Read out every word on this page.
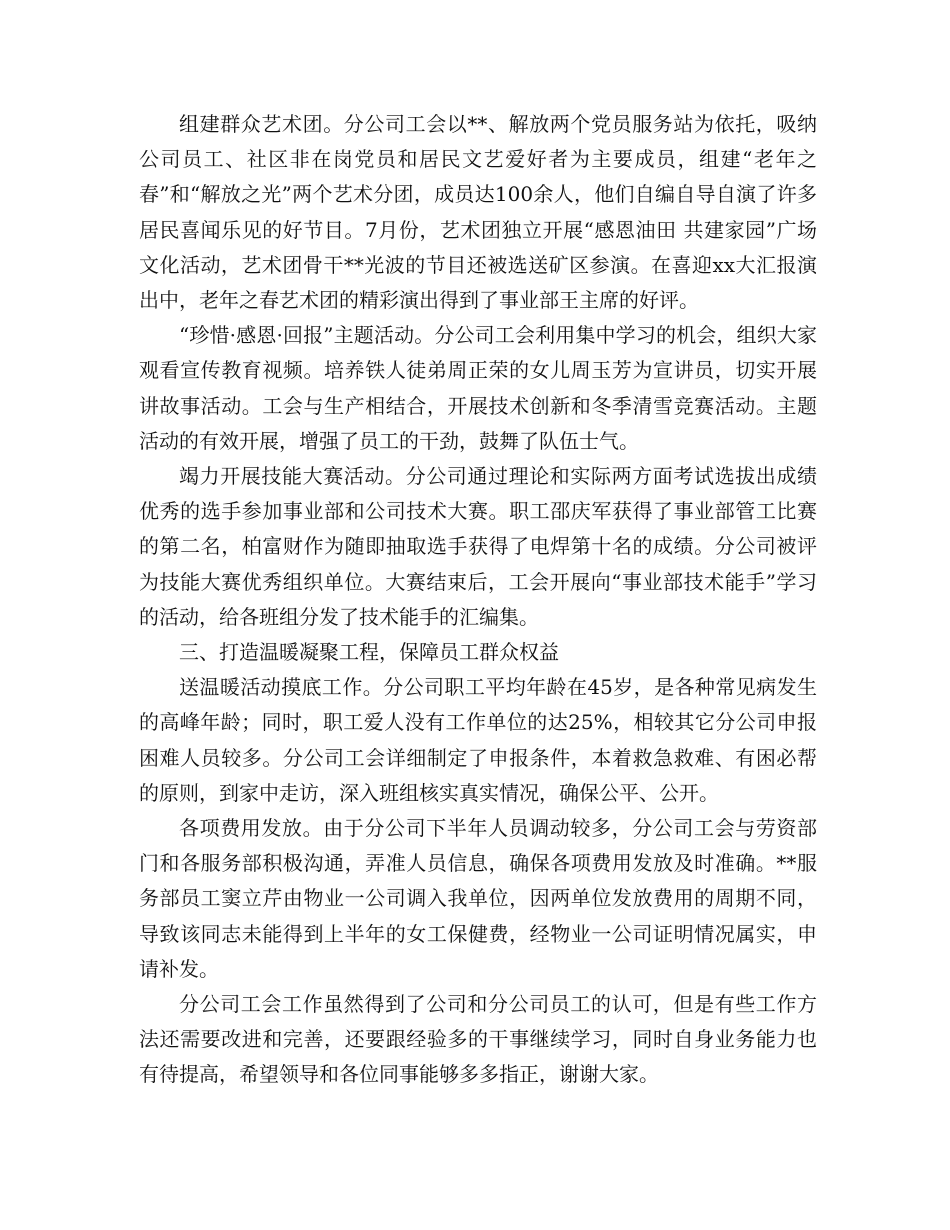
组建群众艺术团。分公司工会以**、解放两个党员服务站为依托，吸纳公司员工、社区非在岗党员和居民文艺爱好者为主要成员，组建“老年之春”和“解放之光”两个艺术分团，成员达100余人，他们自编自导自演了许多居民喜闻乐见的好节目。7月份，艺术团独立开展“感恩油田 共建家园”广场文化活动，艺术团骨干**光波的节目还被选送矿区参演。在喜迎xx大汇报演出中，老年之春艺术团的精彩演出得到了事业部王主席的好评。

“珍惜·感恩·回报”主题活动。分公司工会利用集中学习的机会，组织大家观看宣传教育视频。培养铁人徒弟周正荣的女儿周玉芳为宣讲员，切实开展讲故事活动。工会与生产相结合，开展技术创新和冬季清雪竞赛活动。主题活动的有效开展，增强了员工的干劲，鼓舞了队伍士气。

竭力开展技能大赛活动。分公司通过理论和实际两方面考试选拔出成绩优秀的选手参加事业部和公司技术大赛。职工邵庆军获得了事业部管工比赛的第二名，柏富财作为随即抽取选手获得了电焊第十名的成绩。分公司被评为技能大赛优秀组织单位。大赛结束后，工会开展向“事业部技术能手”学习的活动，给各班组分发了技术能手的汇编集。

三、打造温暖凝聚工程，保障员工群众权益

送温暖活动摸底工作。分公司职工平均年龄在45岁，是各种常见病发生的高峰年龄；同时，职工爱人没有工作单位的达25%，相较其它分公司申报困难人员较多。分公司工会详细制定了申报条件，本着救急救难、有困必帮的原则，到家中走访，深入班组核实真实情况，确保公平、公开。

各项费用发放。由于分公司下半年人员调动较多，分公司工会与劳资部门和各服务部积极沟通，弄准人员信息，确保各项费用发放及时准确。**服务部员工窦立芹由物业一公司调入我单位，因两单位发放费用的周期不同，导致该同志未能得到上半年的女工保健费，经物业一公司证明情况属实，申请补发。

分公司工会工作虽然得到了公司和分公司员工的认可，但是有些工作方法还需要改进和完善，还要跟经验多的干事继续学习，同时自身业务能力也有待提高，希望领导和各位同事能够多多指正，谢谢大家。
